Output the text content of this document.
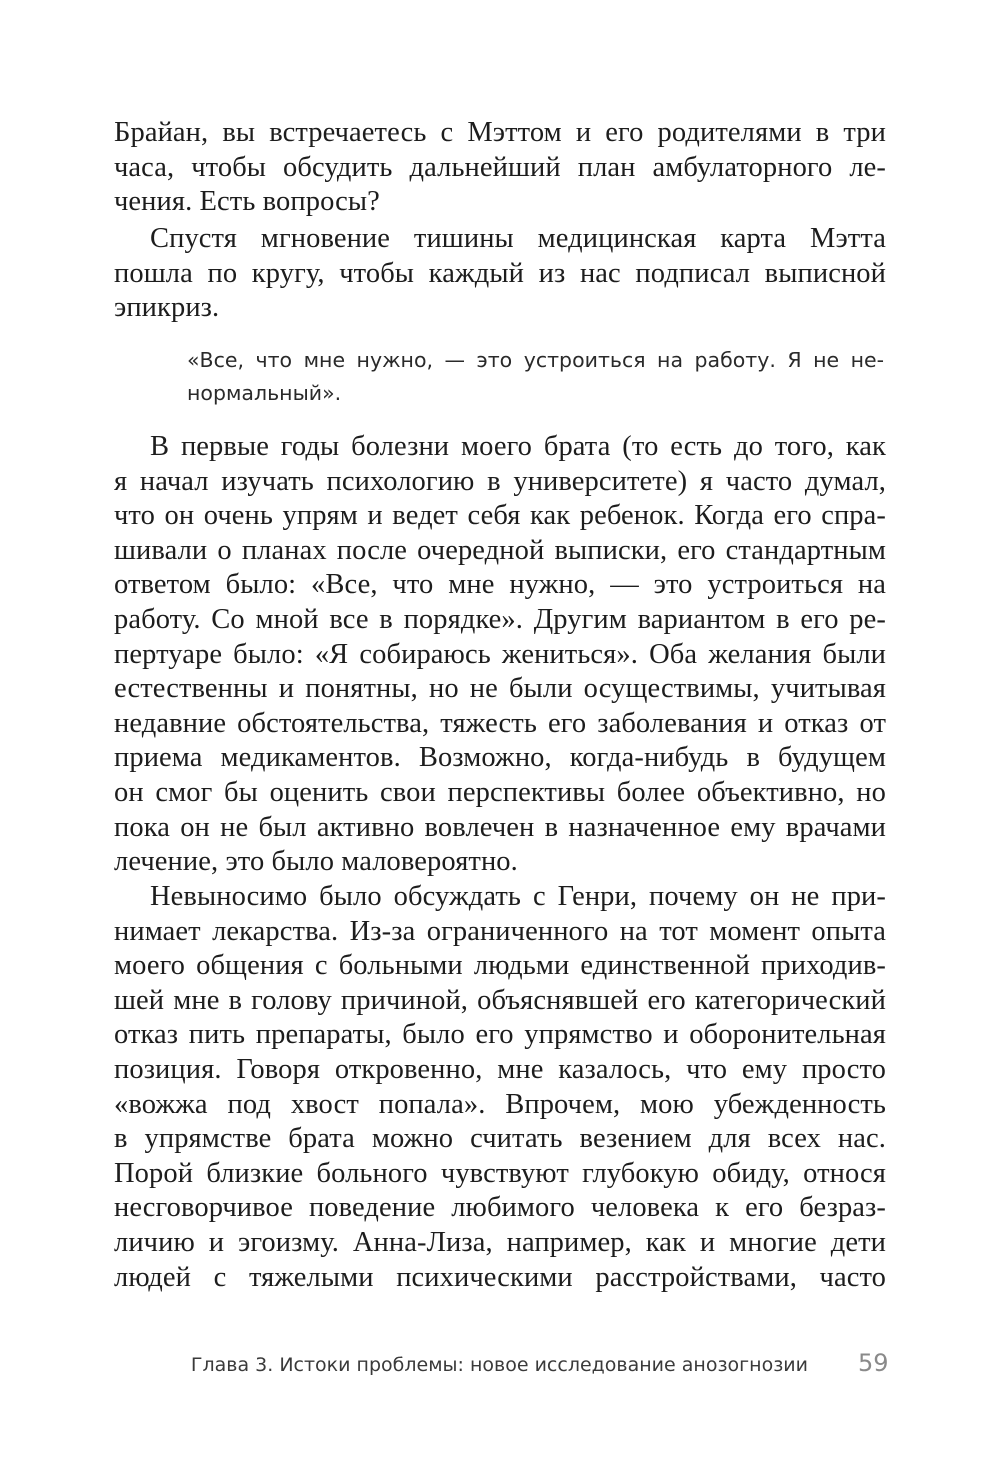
Брайан, вы встречаетесь с Мэттом и его родителями в три
часа, чтобы обсудить дальнейший план амбулаторного ле-
чения. Есть вопросы?
Спустя мгновение тишины медицинская карта Мэтта
пошла по кругу, чтобы каждый из нас подписал выписной
эпикриз.
«Все, что мне нужно, — это устроиться на работу. Я не не-
нормальный».
В первые годы болезни моего брата (то есть до того, как
я начал изучать психологию в университете) я часто думал,
что он очень упрям и ведет себя как ребенок. Когда его спра-
шивали о планах после очередной выписки, его стандартным
ответом было: «Все, что мне нужно, — это устроиться на
работу. Со мной все в порядке». Другим вариантом в его ре-
пертуаре было: «Я собираюсь жениться». Оба желания были
естественны и понятны, но не были осуществимы, учитывая
недавние обстоятельства, тяжесть его заболевания и отказ от
приема медикаментов. Возможно, когда-нибудь в будущем
он смог бы оценить свои перспективы более объективно, но
пока он не был активно вовлечен в назначенное ему врачами
лечение, это было маловероятно.
Невыносимо было обсуждать с Генри, почему он не при-
нимает лекарства. Из-за ограниченного на тот момент опыта
моего общения с больными людьми единственной приходив-
шей мне в голову причиной, объяснявшей его категорический
отказ пить препараты, было его упрямство и оборонительная
позиция. Говоря откровенно, мне казалось, что ему просто
«вожжа под хвост попала». Впрочем, мою убежденность
в упрямстве брата можно считать везением для всех нас.
Порой близкие больного чувствуют глубокую обиду, относя
несговорчивое поведение любимого человека к его безраз-
личию и эгоизму. Анна-Лиза, например, как и многие дети
людей с тяжелыми психическими расстройствами, часто
Глава 3. Истоки проблемы: новое исследование анозогнозии 59
